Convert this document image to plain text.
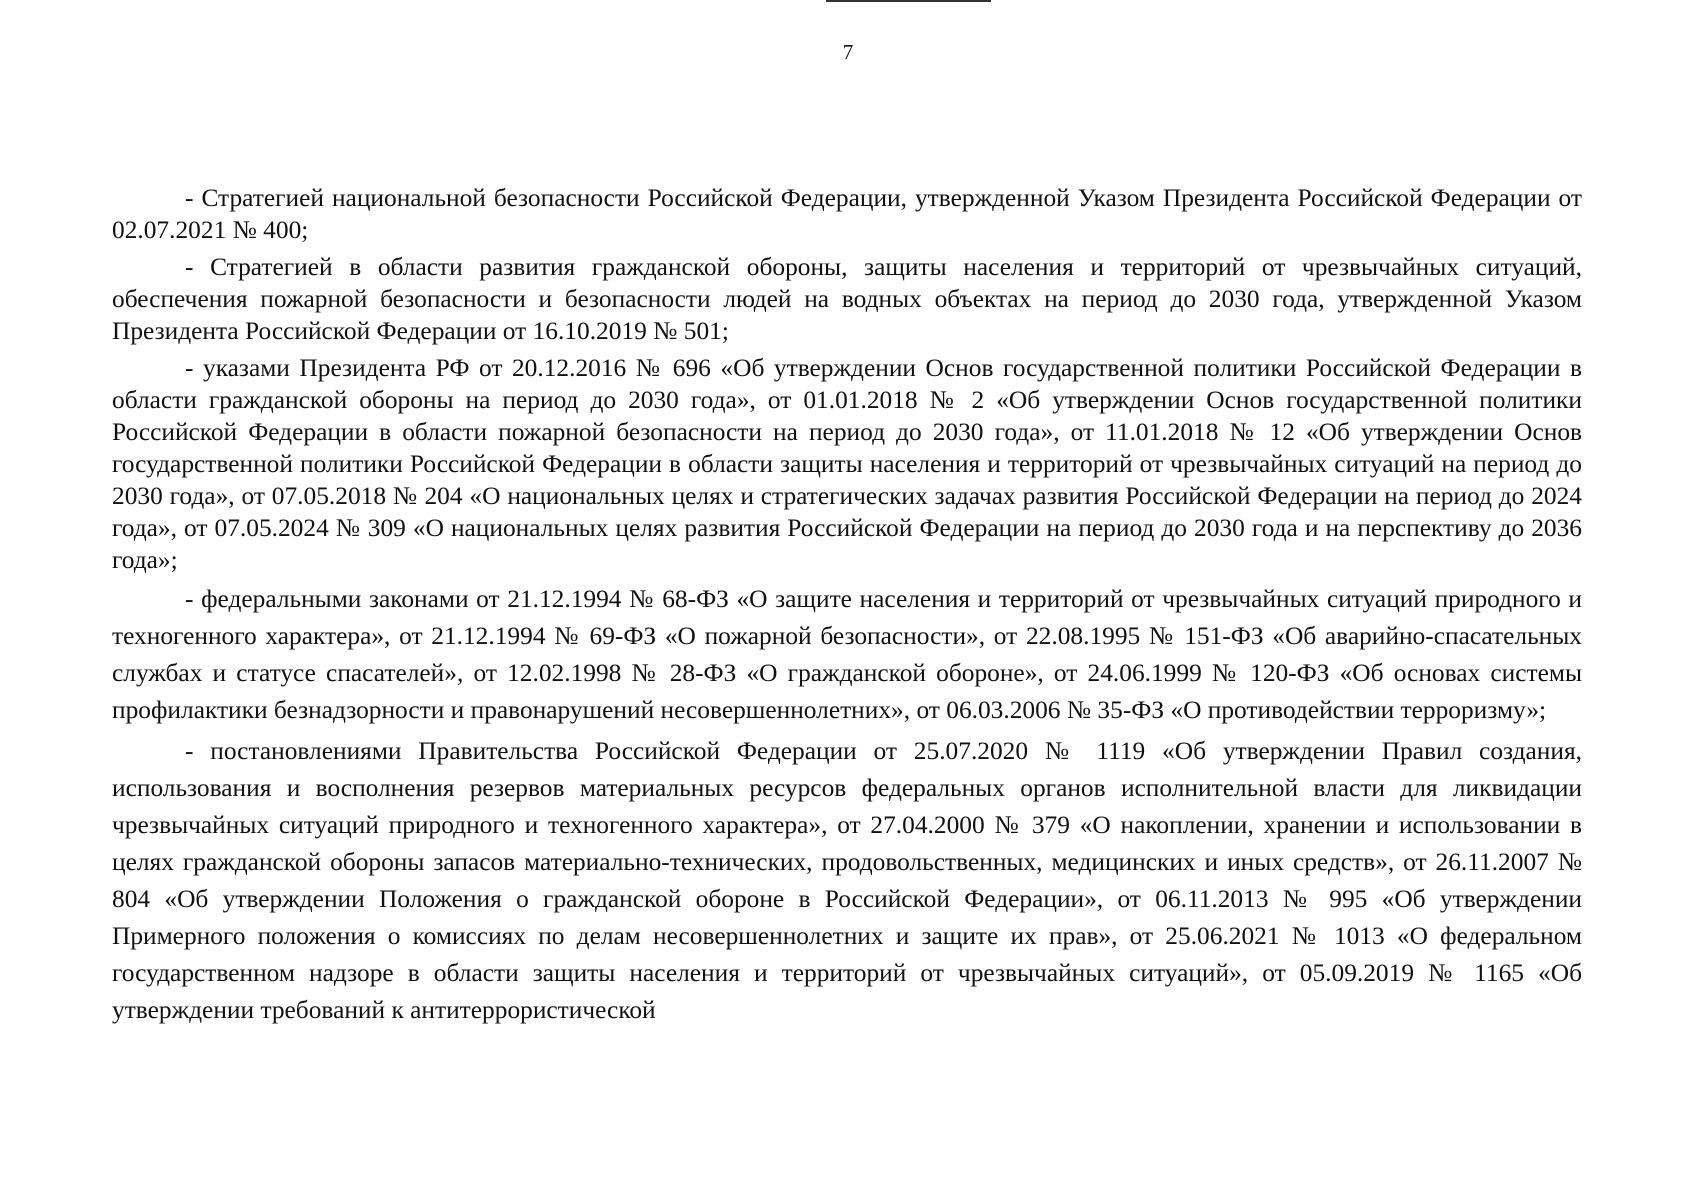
7

- Стратегией национальной безопасности Российской Федерации, утвержденной Указом Президента Российской Федерации от 02.07.2021 № 400;

- Стратегией в области развития гражданской обороны, защиты населения и территорий от чрезвычайных ситуаций, обеспечения пожарной безопасности и безопасности людей на водных объектах на период до 2030 года, утвержденной Указом Президента Российской Федерации от 16.10.2019 № 501;

- указами Президента РФ от 20.12.2016 № 696 «Об утверждении Основ государственной политики Российской Федерации в области гражданской обороны на период до 2030 года», от 01.01.2018 № 2 «Об утверждении Основ государственной политики Российской Федерации в области пожарной безопасности на период до 2030 года», от 11.01.2018 № 12 «Об утверждении Основ государственной политики Российской Федерации в области защиты населения и территорий от чрезвычайных ситуаций на период до 2030 года», от 07.05.2018 № 204 «О национальных целях и стратегических задачах развития Российской Федерации на период до 2024 года», от 07.05.2024 № 309 «О национальных целях развития Российской Федерации на период до 2030 года и на перспективу до 2036 года»;

- федеральными законами от 21.12.1994 № 68-ФЗ «О защите населения и территорий от чрезвычайных ситуаций природного и техногенного характера», от 21.12.1994 № 69-ФЗ «О пожарной безопасности», от 22.08.1995 № 151-ФЗ «Об аварийно-спасательных службах и статусе спасателей», от 12.02.1998 № 28-ФЗ «О гражданской обороне», от 24.06.1999 № 120-ФЗ «Об основах системы профилактики безнадзорности и правонарушений несовершеннолетних», от 06.03.2006 № 35-ФЗ «О противодействии терроризму»;

- постановлениями Правительства Российской Федерации от 25.07.2020 № 1119 «Об утверждении Правил создания, использования и восполнения резервов материальных ресурсов федеральных органов исполнительной власти для ликвидации чрезвычайных ситуаций природного и техногенного характера», от 27.04.2000 № 379 «О накоплении, хранении и использовании в целях гражданской обороны запасов материально-технических, продовольственных, медицинских и иных средств», от 26.11.2007 № 804 «Об утверждении Положения о гражданской обороне в Российской Федерации», от 06.11.2013 № 995 «Об утверждении Примерного положения о комиссиях по делам несовершеннолетних и защите их прав», от 25.06.2021 № 1013 «О федеральном государственном надзоре в области защиты населения и территорий от чрезвычайных ситуаций», от 05.09.2019 № 1165 «Об утверждении требований к антитеррористической
